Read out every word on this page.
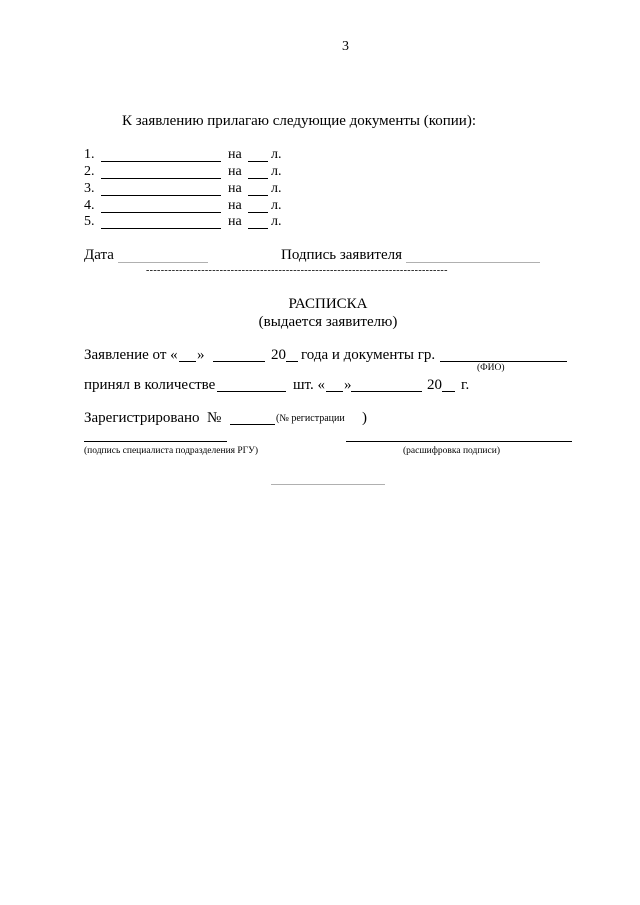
3
К заявлению прилагаю следующие документы (копии):
1.	на л.
2.	на л.
3.	на л.
4.	на л.
5.	на л.
Дата	Подпись заявителя
----------------------------------------------------------------------------------
РАСПИСКА
(выдается заявителю)
Заявление от « »	20 года и документы гр.
(ФИО)
принял в количестве	шт. « »	20 г.
Зарегистрировано  №	(№ регистрации )
(подпись специалиста подразделения РГУ)	(расшифровка подписи)
